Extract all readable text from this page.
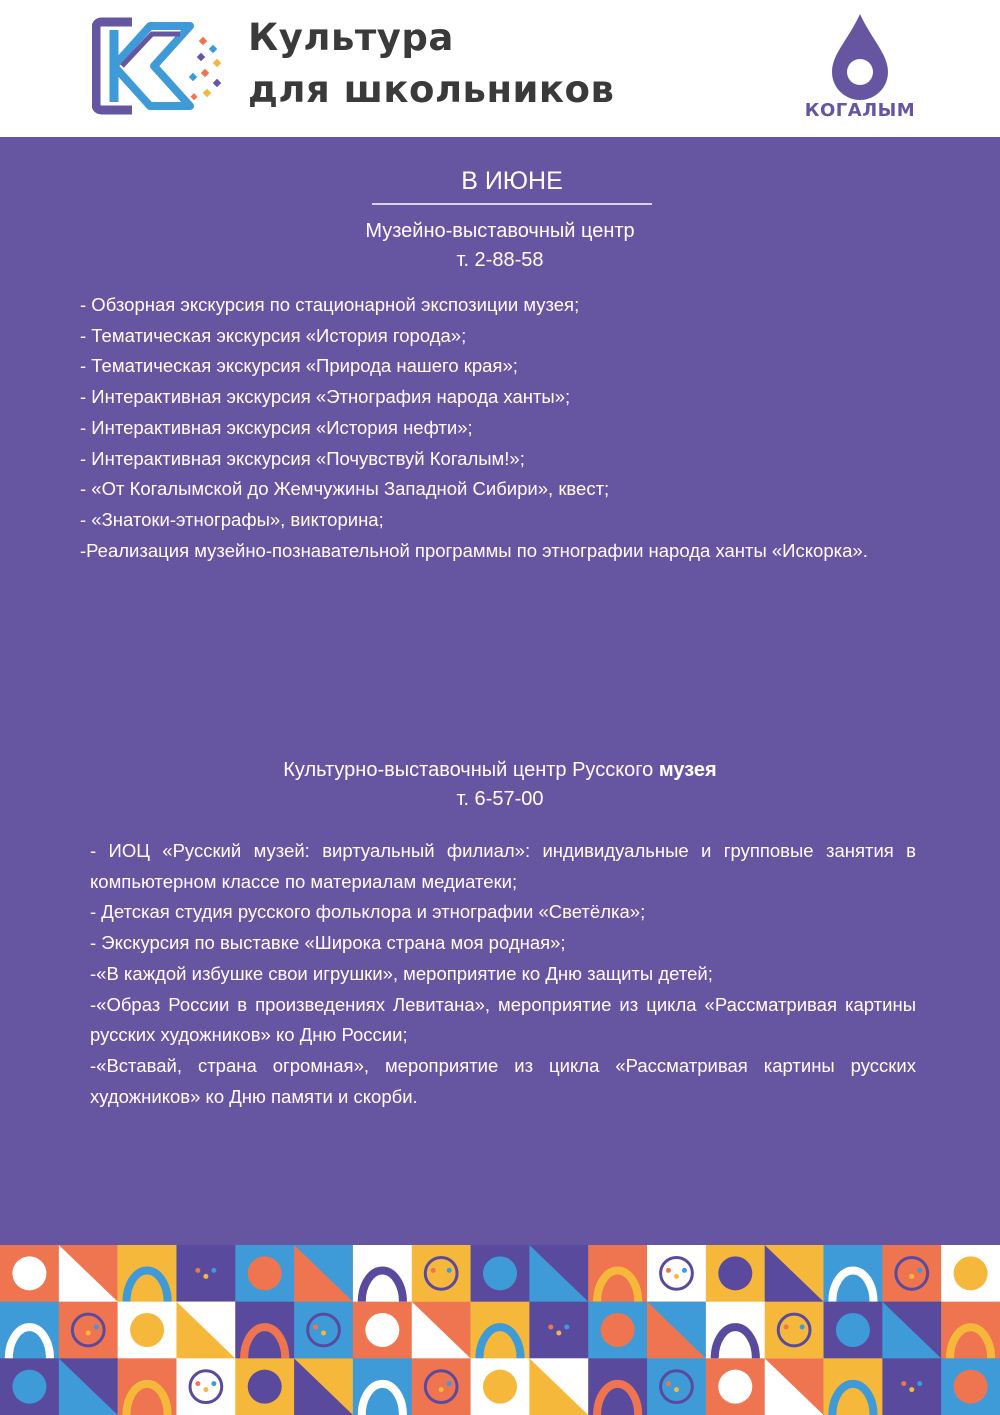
Культура
для школьников	КОГАЛЫМ
В ИЮНЕ
Музейно-выставочный центр
т. 2-88-58
- Обзорная экскурсия по стационарной экспозиции музея;
- Тематическая экскурсия «История города»;
- Тематическая экскурсия «Природа нашего края»;
- Интерактивная экскурсия «Этнография народа ханты»;
- Интерактивная экскурсия «История нефти»;
- Интерактивная экскурсия «Почувствуй Когалым!»;
- «От Когалымской до Жемчужины Западной Сибири», квест;
- «Знатоки-этнографы», викторина;
-Реализация музейно-познавательной программы по этнографии народа ханты «Искорка».
Культурно-выставочный центр Русского музея
т. 6-57-00
- ИОЦ «Русский музей: виртуальный филиал»: индивидуальные и групповые занятия в компьютерном классе по материалам медиатеки;
- Детская студия русского фольклора и этнографии «Светёлка»;
- Экскурсия по выставке «Широка страна моя родная»;
-«В каждой избушке свои игрушки», мероприятие ко Дню защиты детей;
-«Образ России в произведениях Левитана», мероприятие из цикла «Рассматривая картины русских художников» ко Дню России;
-«Вставай, страна огромная», мероприятие из цикла «Рассматривая картины русских художников» ко Дню памяти и скорби.
